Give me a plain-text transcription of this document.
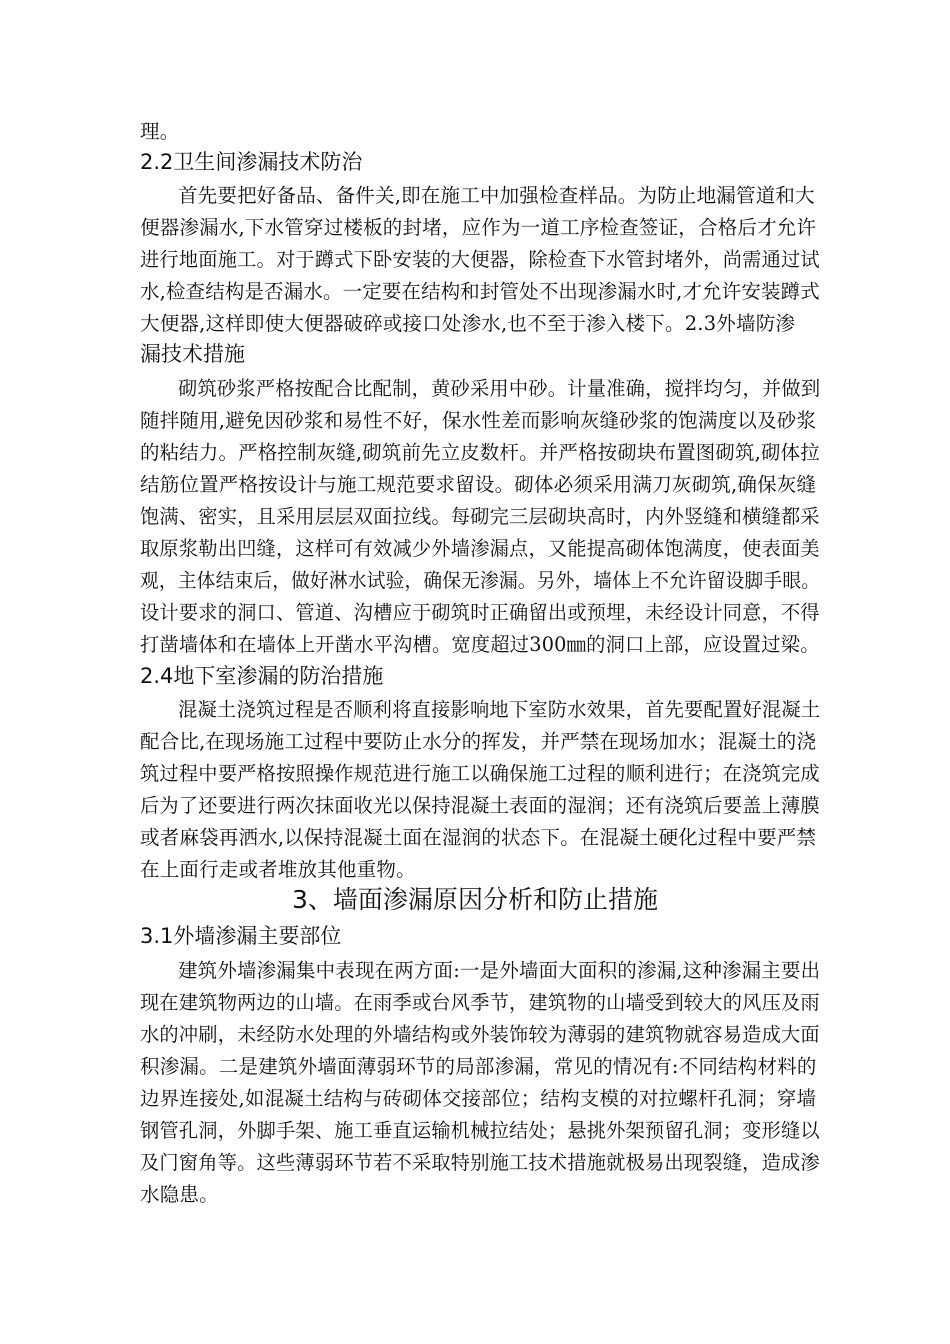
理。
2.2卫生间渗漏技术防治
首先要把好备品、备件关,即在施工中加强检查样品。为防止地漏管道和大
便器渗漏水,下水管穿过楼板的封堵，应作为一道工序检查签证，合格后才允许
进行地面施工。对于蹲式下卧安装的大便器，除检查下水管封堵外，尚需通过试
水,检查结构是否漏水。一定要在结构和封管处不出现渗漏水时,才允许安装蹲式
大便器,这样即使大便器破碎或接口处渗水,也不至于渗入楼下。2.3外墙防渗
漏技术措施
砌筑砂浆严格按配合比配制，黄砂采用中砂。计量准确，搅拌均匀，并做到
随拌随用,避免因砂浆和易性不好，保水性差而影响灰缝砂浆的饱满度以及砂浆
的粘结力。严格控制灰缝,砌筑前先立皮数杆。并严格按砌块布置图砌筑,砌体拉
结筋位置严格按设计与施工规范要求留设。砌体必须采用满刀灰砌筑,确保灰缝
饱满、密实，且采用层层双面拉线。每砌完三层砌块高时，内外竖缝和横缝都采
取原浆勒出凹缝，这样可有效减少外墙渗漏点，又能提高砌体饱满度，使表面美
观，主体结束后，做好淋水试验，确保无渗漏。另外，墙体上不允许留设脚手眼。
设计要求的洞口、管道、沟槽应于砌筑时正确留出或预埋，未经设计同意，不得
打凿墙体和在墙体上开凿水平沟槽。宽度超过300㎜的洞口上部，应设置过梁。
2.4地下室渗漏的防治措施
混凝土浇筑过程是否顺利将直接影响地下室防水效果，首先要配置好混凝土
配合比,在现场施工过程中要防止水分的挥发，并严禁在现场加水；混凝土的浇
筑过程中要严格按照操作规范进行施工以确保施工过程的顺利进行；在浇筑完成
后为了还要进行两次抹面收光以保持混凝土表面的湿润；还有浇筑后要盖上薄膜
或者麻袋再洒水,以保持混凝土面在湿润的状态下。在混凝土硬化过程中要严禁
在上面行走或者堆放其他重物。
3、墙面渗漏原因分析和防止措施
3.1外墙渗漏主要部位
建筑外墙渗漏集中表现在两方面:一是外墙面大面积的渗漏,这种渗漏主要出
现在建筑物两边的山墙。在雨季或台风季节，建筑物的山墙受到较大的风压及雨
水的冲刷，未经防水处理的外墙结构或外装饰较为薄弱的建筑物就容易造成大面
积渗漏。二是建筑外墙面薄弱环节的局部渗漏，常见的情况有:不同结构材料的
边界连接处,如混凝土结构与砖砌体交接部位；结构支模的对拉螺杆孔洞；穿墙
钢管孔洞，外脚手架、施工垂直运输机械拉结处；悬挑外架预留孔洞；变形缝以
及门窗角等。这些薄弱环节若不采取特别施工技术措施就极易出现裂缝，造成渗
水隐患。
